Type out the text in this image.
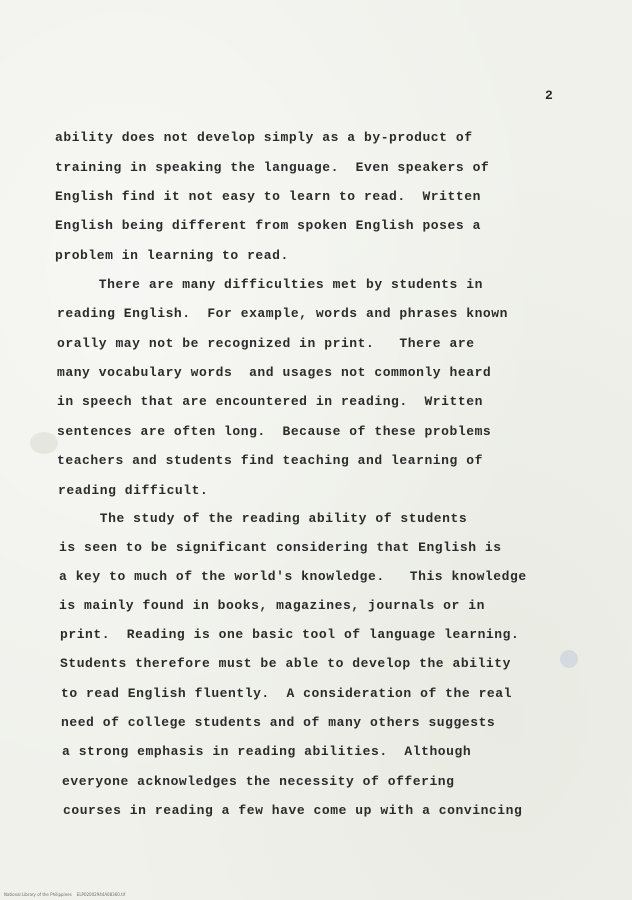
2
ability does not develop simply as a by-product of
training in speaking the language.  Even speakers of
English find it not easy to learn to read.  Written
English being different from spoken English poses a
problem in learning to read.
There are many difficulties met by students in
reading English.  For example, words and phrases known
orally may not be recognized in print.   There are
many vocabulary words  and usages not commonly heard
in speech that are encountered in reading.  Written
sentences are often long.  Because of these problems
teachers and students find teaching and learning of
reading difficult.
The study of the reading ability of students
is seen to be significant considering that English is
a key to much of the world's knowledge.   This knowledge
is mainly found in books, magazines, journals or in
print.  Reading is one basic tool of language learning.
Students therefore must be able to develop the ability
to read English fluently.  A consideration of the real
need of college students and of many others suggests
a strong emphasis in reading abilities.  Although
everyone acknowledges the necessity of offering
courses in reading a few have come up with a convincing
National Library of the Philippines    ELP02002944A08360.tif
